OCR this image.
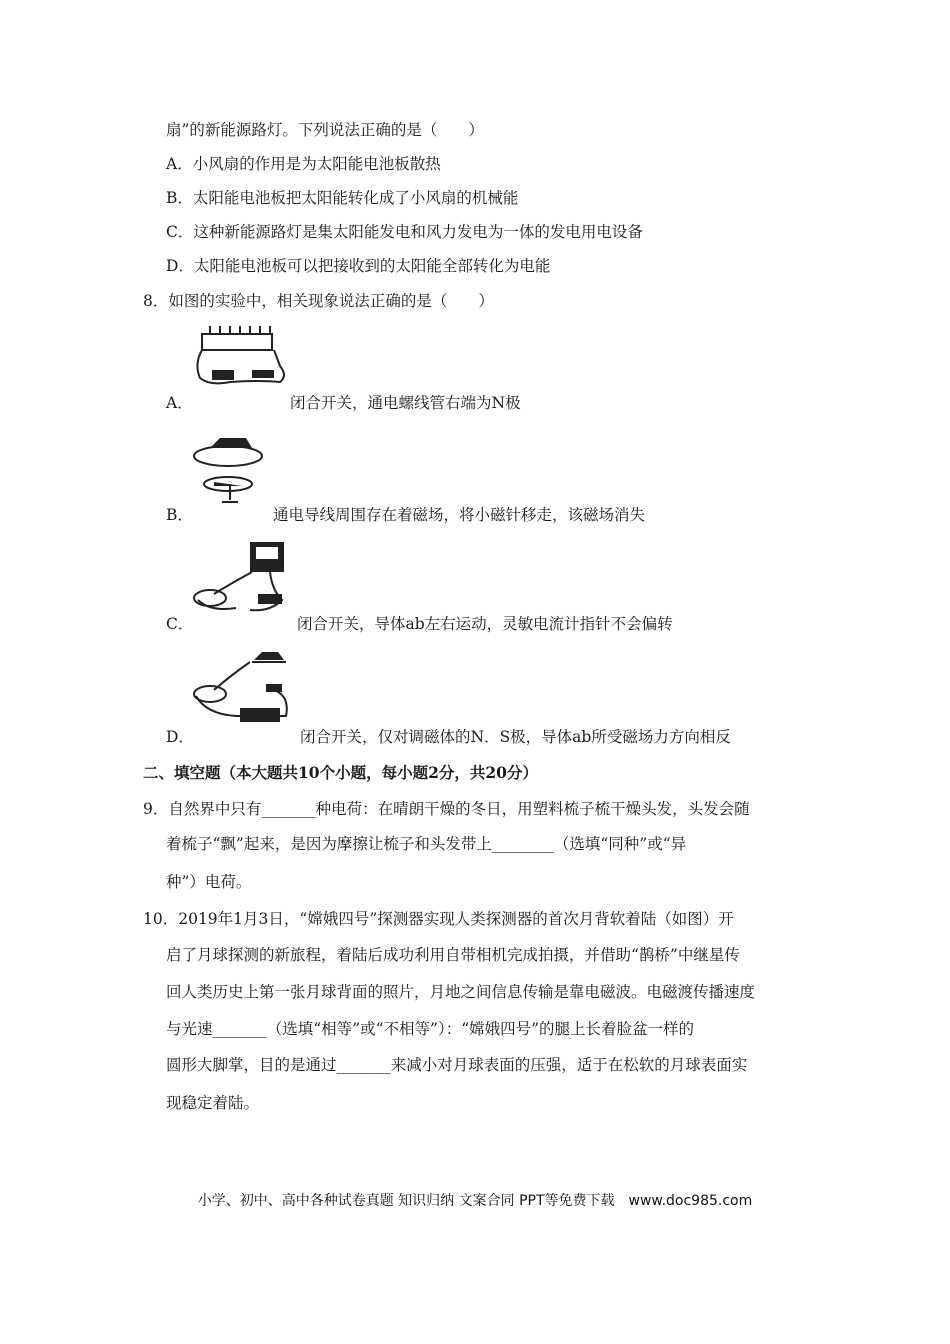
扇”的新能源路灯。下列说法正确的是（　　）
A．小风扇的作用是为太阳能电池板散热
B．太阳能电池板把太阳能转化成了小风扇的机械能
C．这种新能源路灯是集太阳能发电和风力发电为一体的发电用电设备
D．太阳能电池板可以把接收到的太阳能全部转化为电能
8．如图的实验中，相关现象说法正确的是（　　）
A．	闭合开关，通电螺线管右端为N极
B．	通电导线周围存在着磁场，将小磁针移走，该磁场消失
C．	闭合开关，导体ab左右运动，灵敏电流计指针不会偏转
D．	闭合开关，仅对调磁体的N．S极，导体ab所受磁场力方向相反
二、填空题（本大题共10个小题，每小题2分，共20分）
9．自然界中只有_______种电荷：在晴朗干燥的冬日，用塑料梳子梳干燥头发，头发会随
着梳子“飘”起来，是因为摩擦让梳子和头发带上________（选填“同种”或“异
种”）电荷。
10．2019年1月3日，“嫦娥四号”探测器实现人类探测器的首次月背软着陆（如图）开
启了月球探测的新旅程，着陆后成功利用自带相机完成拍摄，并借助“鹊桥”中继星传
回人类历史上第一张月球背面的照片，月地之间信息传输是靠电磁波。电磁渡传播速度
与光速_______（选填“相等”或“不相等”）：“嫦娥四号”的腿上长着脸盆一样的
圆形大脚掌，目的是通过_______来减小对月球表面的压强，适于在松软的月球表面实
现稳定着陆。
小学、初中、高中各种试卷真题 知识归纳 文案合同 PPT等免费下载　www.doc985.com
